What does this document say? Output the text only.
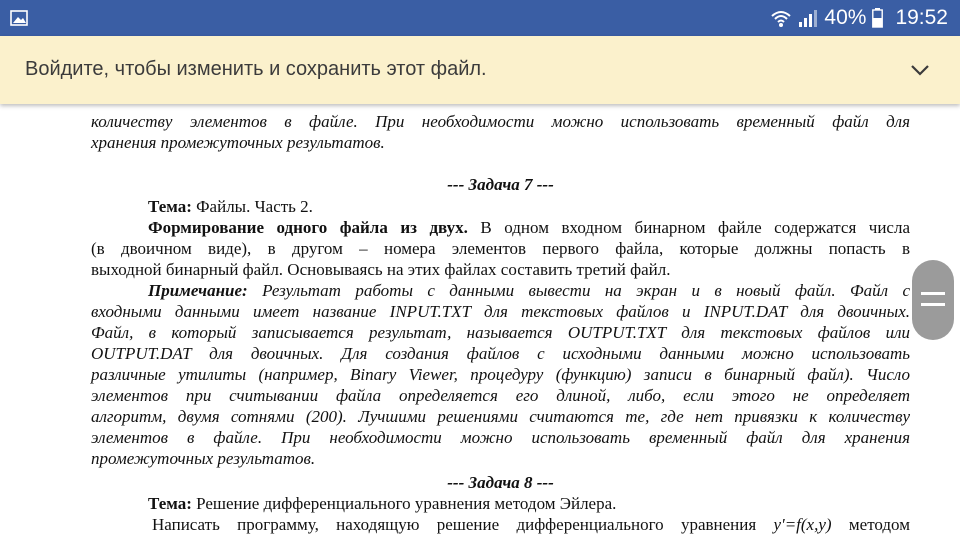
40% 19:52
Войдите, чтобы изменить и сохранить этот файл.
количеству элементов в файле. При необходимости можно использовать временный файл для
хранения промежуточных результатов.
--- Задача 7 ---
Тема: Файлы. Часть 2.
Формирование одного файла из двух. В одном входном бинарном файле содержатся числа
(в двоичном виде), в другом – номера элементов первого файла, которые должны попасть в
выходной бинарный файл. Основываясь на этих файлах составить третий файл.
Примечание: Результат работы с данными вывести на экран и в новый файл. Файл с
входными данными имеет название INPUT.TXT для текстовых файлов и INPUT.DAT для двоичных.
Файл, в который записывается результат, называется OUTPUT.TXT для текстовых файлов или
OUTPUT.DAT для двоичных. Для создания файлов с исходными данными можно использовать
различные утилиты (например, Binary Viewer, процедуру (функцию) записи в бинарный файл). Число
элементов при считывании файла определяется его длиной, либо, если этого не определяет
алгоритм, двумя сотнями (200). Лучшими решениями считаются те, где нет привязки к количеству
элементов в файле. При необходимости можно использовать временный файл для хранения
промежуточных результатов.
--- Задача 8 ---
Тема: Решение дифференциального уравнения методом Эйлера.
Написать программу, находящую решение дифференциального уравнения y'=f(x,y) методом
